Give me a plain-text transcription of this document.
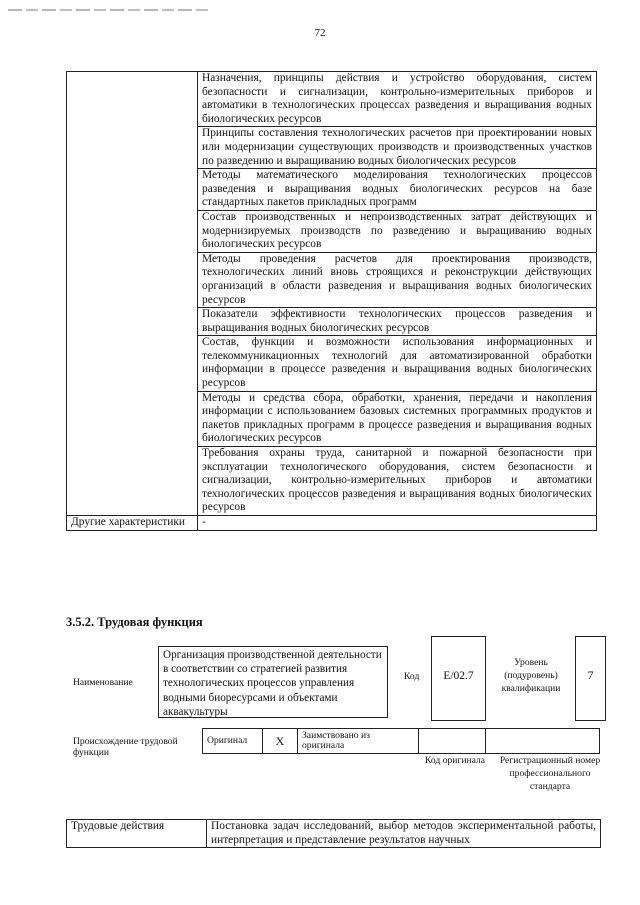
72
	Назначения, принципы действия и устройство оборудования, систем безопасности и сигнализации, контрольно-измерительных приборов и автоматики в технологических процессах разведения и выращивания водных биологических ресурсов
	Принципы составления технологических расчетов при проектировании новых или модернизации существующих производств и производственных участков по разведению и выращиванию водных биологических ресурсов
	Методы математического моделирования технологических процессов разведения и выращивания водных биологических ресурсов на базе стандартных пакетов прикладных программ
	Состав производственных и непроизводственных затрат действующих и модернизируемых производств по разведению и выращиванию водных биологических ресурсов
	Методы проведения расчетов для проектирования производств, технологических линий вновь строящихся и реконструкции действующих организаций в области разведения и выращивания водных биологических ресурсов
	Показатели эффективности технологических процессов разведения и выращивания водных биологических ресурсов
	Состав, функции и возможности использования информационных и телекоммуникационных технологий для автоматизированной обработки информации в процессе разведения и выращивания водных биологических ресурсов
	Методы и средства сбора, обработки, хранения, передачи и накопления информации с использованием базовых системных программных продуктов и пакетов прикладных программ в процессе разведения и выращивания водных биологических ресурсов
	Требования охраны труда, санитарной и пожарной безопасности при эксплуатации технологического оборудования, систем безопасности и сигнализации, контрольно-измерительных приборов и автоматики технологических процессов разведения и выращивания водных биологических ресурсов
Другие характеристики	-
3.5.2. Трудовая функция
Наименование
Организация производственной деятельности в соответствии со стратегией развития технологических процессов управления водными биоресурсами и объектами аквакультуры
Код	E/02.7
Уровень (подуровень) квалификации
7
Происхождение трудовой функции
Оригинал	X	Заимствовано из оригинала		
Код оригинала	Регистрационный номер профессионального стандарта
Трудовые действия	Постановка задач исследований, выбор методов экспериментальной работы, интерпретация и представление результатов научных
